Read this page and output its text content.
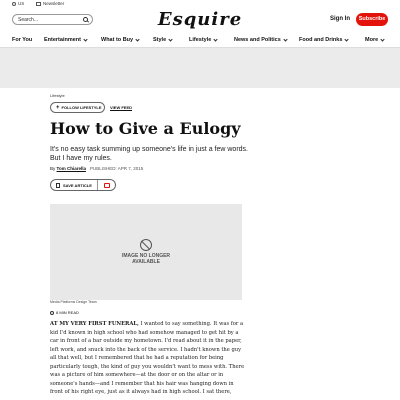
US	Newsletter
Search...	Esquire	Sign In	Subscribe
For You Entertainment	What to Buy	Style	Lifestyle	News and Politics	Food and Drinks	More
Lifestyle
+ FOLLOW LIFESTYLE VIEW FEED
How to Give a Eulogy

It's no easy task summing up someone's life in just a few words. But I have my rules.

By Tom Chiarella PUBLISHED: APR 7, 2015
SAVE ARTICLE
IMAGE NO LONGER AVAILABLE
Media Platforms Design Team
8 MIN READ

AT MY VERY FIRST FUNERAL, I wanted to say something. It was for a kid I'd known in high school who had somehow managed to get hit by a car in front of a bar outside my hometown. I'd read about it in the paper, left work, and snuck into the back of the service. I hadn't known the guy all that well, but I remembered that he had a reputation for being particularly tough, the kind of guy you wouldn't want to mess with. There was a picture of him somewhere—at the door or on the altar or in someone's hands—and I remember that his hair was hanging down in front of his right eye, just as it always had in high school. I sat there,
